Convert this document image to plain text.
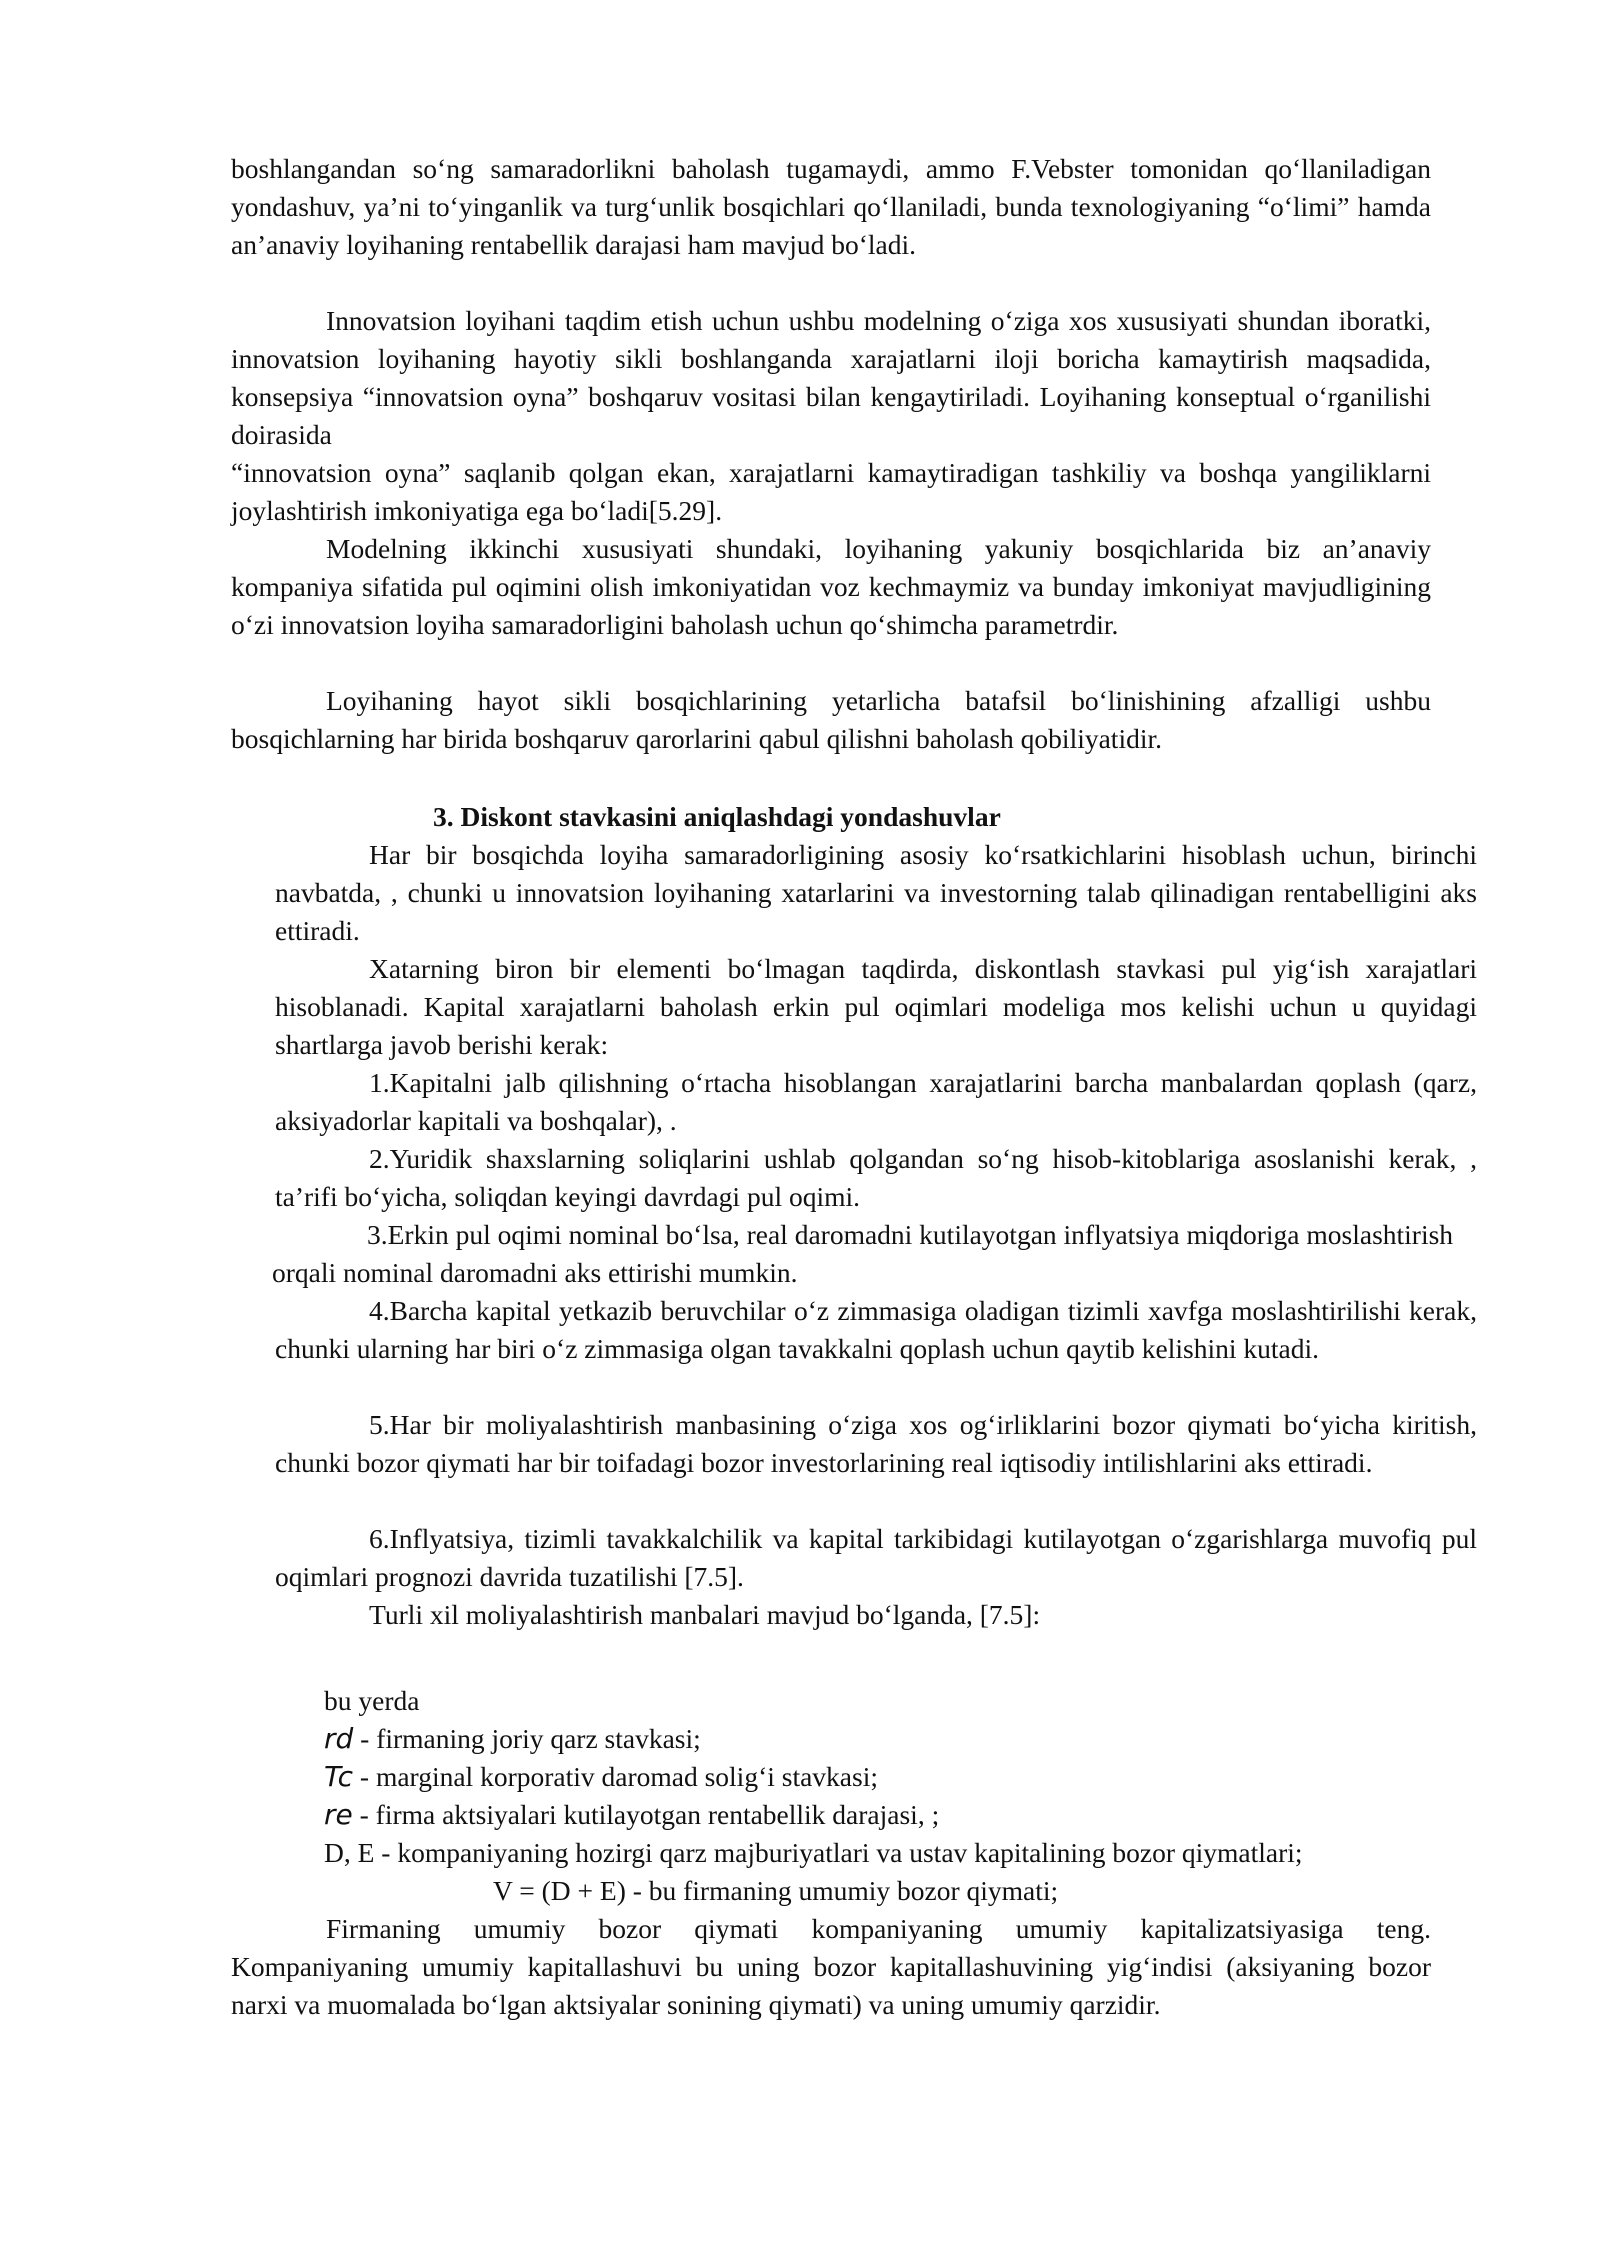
boshlangandan so‘ng samaradorlikni baholash tugamaydi, ammo F.Vebster tomonidan qo‘llaniladigan yondashuv, ya’ni to‘yinganlik va turg‘unlik bosqichlari qo‘llaniladi, bunda texnologiyaning “o‘limi” hamda an’anaviy loyihaning rentabellik darajasi ham mavjud bo‘ladi.

Innovatsion loyihani taqdim etish uchun ushbu modelning o‘ziga xos xususiyati shundan iboratki, innovatsion loyihaning hayotiy sikli boshlanganda xarajatlarni iloji boricha kamaytirish maqsadida, konsepsiya “innovatsion oyna” boshqaruv vositasi bilan kengaytiriladi. Loyihaning konseptual o‘rganilishi doirasida

“innovatsion oyna” saqlanib qolgan ekan, xarajatlarni kamaytiradigan tashkiliy va boshqa yangiliklarni joylashtirish imkoniyatiga ega bo‘ladi[5.29].

Modelning ikkinchi xususiyati shundaki, loyihaning yakuniy bosqichlarida biz an’anaviy kompaniya sifatida pul oqimini olish imkoniyatidan voz kechmaymiz va bunday imkoniyat mavjudligining o‘zi innovatsion loyiha samaradorligini baholash uchun qo‘shimcha parametrdir.

Loyihaning hayot sikli bosqichlarining yetarlicha batafsil bo‘linishining afzalligi ushbu bosqichlarning har birida boshqaruv qarorlarini qabul qilishni baholash qobiliyatidir.

3. Diskont stavkasini aniqlashdagi yondashuvlar

Har bir bosqichda loyiha samaradorligining asosiy ko‘rsatkichlarini hisoblash uchun, birinchi navbatda, , chunki u innovatsion loyihaning xatarlarini va investorning talab qilinadigan rentabelligini aks ettiradi.

Xatarning biron bir elementi bo‘lmagan taqdirda, diskontlash stavkasi pul yig‘ish xarajatlari hisoblanadi. Kapital xarajatlarni baholash erkin pul oqimlari modeliga mos kelishi uchun u quyidagi shartlarga javob berishi kerak:

1.Kapitalni jalb qilishning o‘rtacha hisoblangan xarajatlarini barcha manbalardan qoplash (qarz, aksiyadorlar kapitali va boshqalar), .

2.Yuridik shaxslarning soliqlarini ushlab qolgandan so‘ng hisob-kitoblariga asoslanishi kerak, , ta’rifi bo‘yicha, soliqdan keyingi davrdagi pul oqimi.

3.Erkin pul oqimi nominal bo‘lsa, real daromadni kutilayotgan inflyatsiya miqdoriga moslashtirish orqali nominal daromadni aks ettirishi mumkin.

4.Barcha kapital yetkazib beruvchilar o‘z zimmasiga oladigan tizimli xavfga moslashtirilishi kerak, chunki ularning har biri o‘z zimmasiga olgan tavakkalni qoplash uchun qaytib kelishini kutadi.

5.Har bir moliyalashtirish manbasining o‘ziga xos og‘irliklarini bozor qiymati bo‘yicha kiritish, chunki bozor qiymati har bir toifadagi bozor investorlarining real iqtisodiy intilishlarini aks ettiradi.

6.Inflyatsiya, tizimli tavakkalchilik va kapital tarkibidagi kutilayotgan o‘zgarishlarga muvofiq pul oqimlari prognozi davrida tuzatilishi [7.5].

Turli xil moliyalashtirish manbalari mavjud bo‘lganda, [7.5]:

bu yerda

rd - firmaning joriy qarz stavkasi;

Tc - marginal korporativ daromad solig‘i stavkasi;

re - firma aktsiyalari kutilayotgan rentabellik darajasi, ;

D, E - kompaniyaning hozirgi qarz majburiyatlari va ustav kapitalining bozor qiymatlari;

V = (D + E) - bu firmaning umumiy bozor qiymati;

Firmaning umumiy bozor qiymati kompaniyaning umumiy kapitalizatsiyasiga teng. Kompaniyaning umumiy kapitallashuvi bu uning bozor kapitallashuvining yig‘indisi (aksiyaning bozor narxi va muomalada bo‘lgan aktsiyalar sonining qiymati) va uning umumiy qarzidir.
